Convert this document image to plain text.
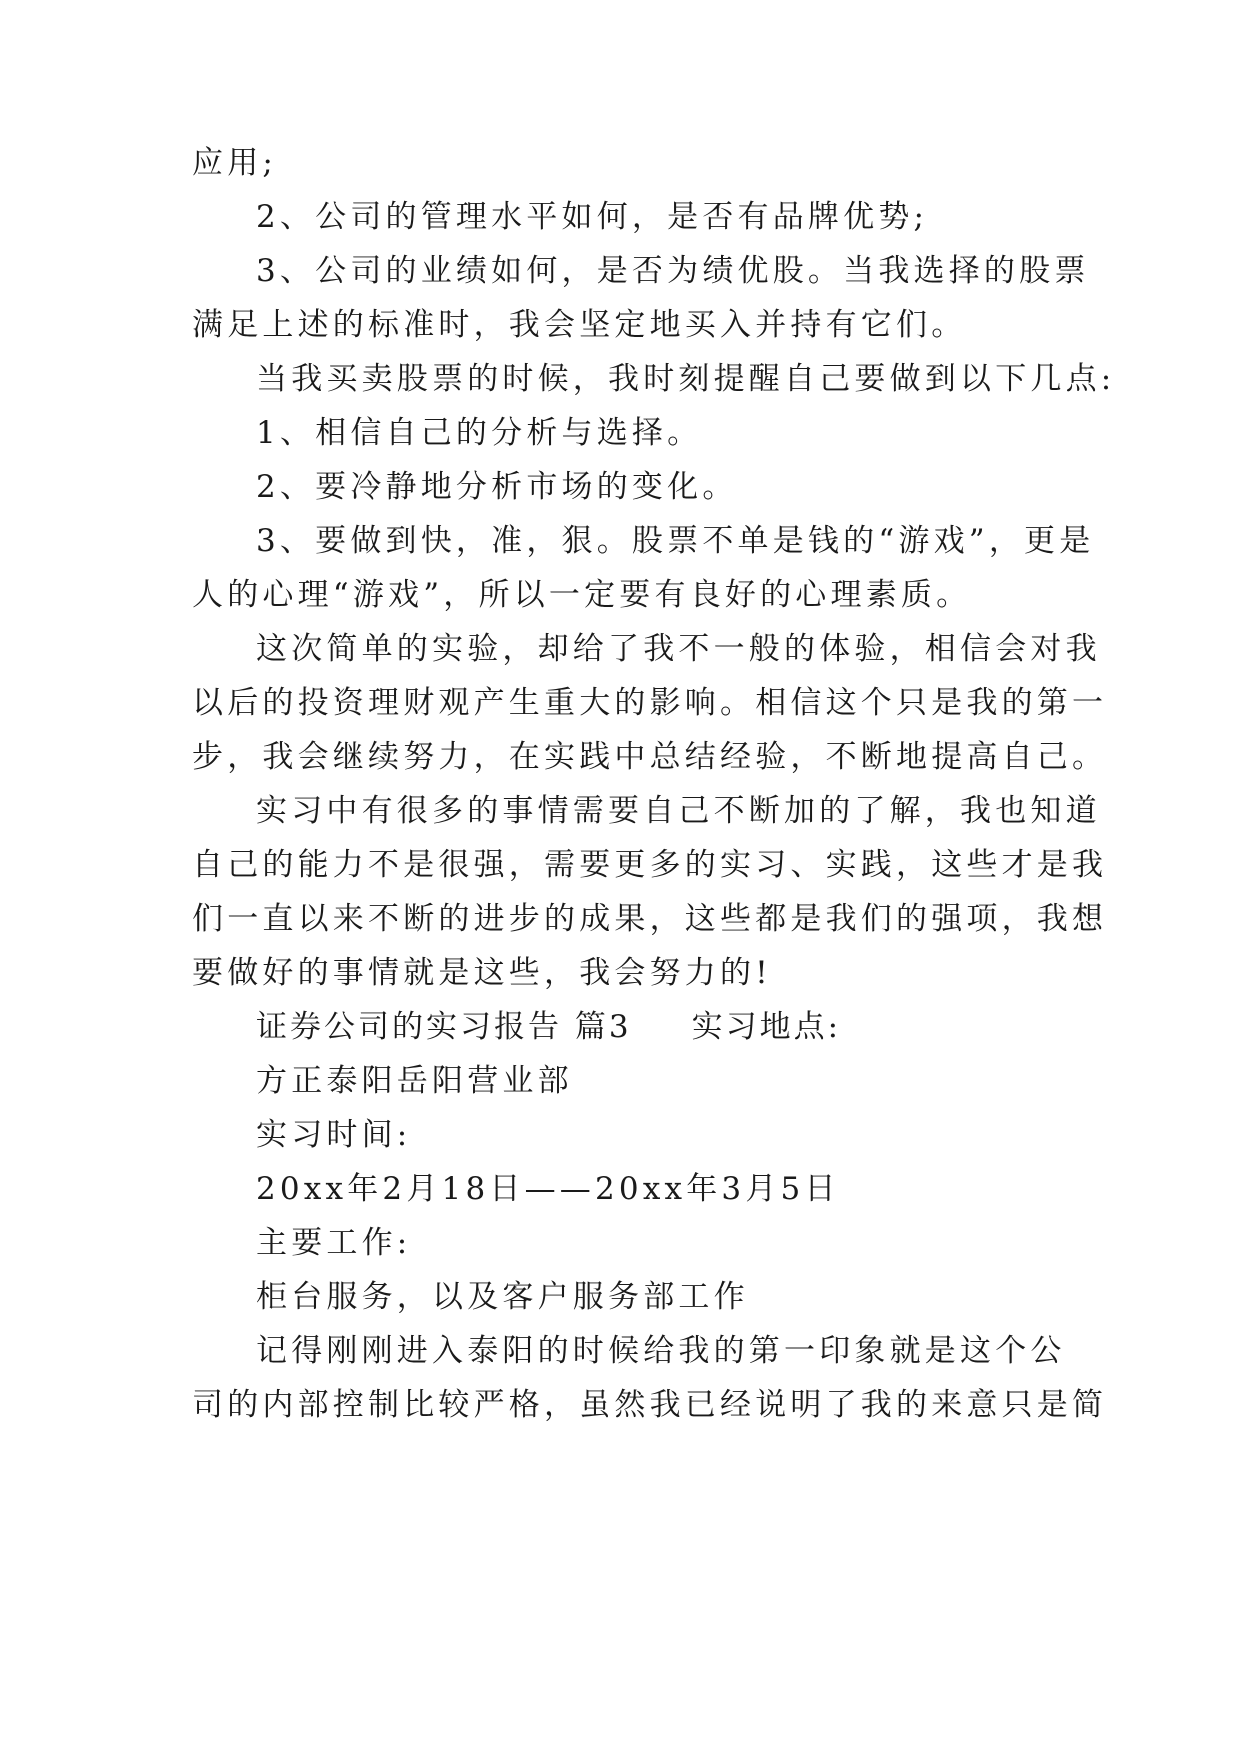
应用;
2、公司的管理水平如何，是否有品牌优势;
3、公司的业绩如何，是否为绩优股。当我选择的股票
满足上述的标准时，我会坚定地买入并持有它们。
当我买卖股票的时候，我时刻提醒自己要做到以下几点:
1、相信自己的分析与选择。
2、要冷静地分析市场的变化。
3、要做到快，准，狠。股票不单是钱的“游戏”，更是
人的心理“游戏”，所以一定要有良好的心理素质。
这次简单的实验，却给了我不一般的体验，相信会对我
以后的投资理财观产生重大的影响。相信这个只是我的第一
步，我会继续努力，在实践中总结经验，不断地提高自己。
实习中有很多的事情需要自己不断加的了解，我也知道
自己的能力不是很强，需要更多的实习、实践，这些才是我
们一直以来不断的进步的成果，这些都是我们的强项，我想
要做好的事情就是这些，我会努力的!
证券公司的实习报告 篇3 实习地点:
方正泰阳岳阳营业部
实习时间:
20xx年2月18日——20xx年3月5日
主要工作:
柜台服务，以及客户服务部工作
记得刚刚进入泰阳的时候给我的第一印象就是这个公
司的内部控制比较严格，虽然我已经说明了我的来意只是简
